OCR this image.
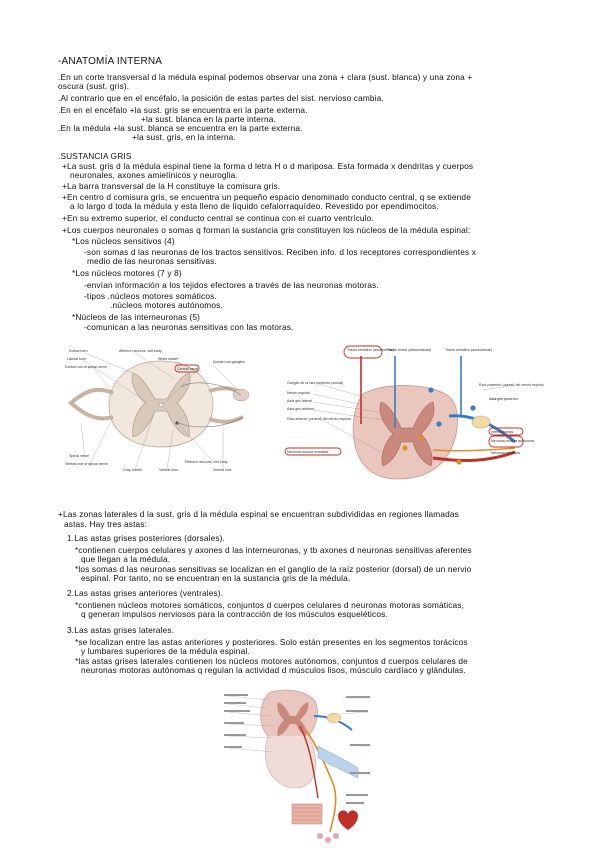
-ANATOMÍA INTERNA
.En un corte transversal d la médula espinal podemos observar una zona + clara (sust. blanca) y una zona +
oscura (sust. gris).
.Al contrario que en el encéfalo, la posición de estas partes del sist. nervioso cambia.
.En en el encéfalo +la sust. gris se encuentra en la parte externa.
+la sust. blanca en la parte interna.
.En la médula +la sust. blanca se encuentra en la parte externa.
+la sust. gris, en la interna.
.SUSTANCIA GRIS
+La sust. gris d la médula espinal tiene la forma d letra H o d mariposa. Esta formada x dendritas y cuerpos
neuronales, axones amielínicos y neuroglia.
+La barra transversal de la H constituye la comisura gris.
+En centro d comisura gris, se encuentra un pequeño espacio denominado conducto central, q se extiende
a lo largo d toda la médula y esta lleno de líquido cefalorraquídeo. Revestido por ependimocitos.
+En su extremo superior, el conducto central se continua con el cuarto ventrículo.
+Los cuerpos neuronales o somas q forman la sustancia gris constituyen los núcleos de la médula espinal:
*Los núcleos sensitivos (4)
-son somas d las neuronas de los tractos sensitivos. Reciben info. d los receptores correspondientes x
medio de las neuronas sensitivas.
*Los núcleos motores (7 y 8)
-envían información a los tejidos efectores a través de las neuronas motoras.
-tipos .núcleos motores somáticos.
.núcleos motores autónomos.
*Núcleos de las interneuronas (5)
-comunican a las neuronas sensitivas con las motoras.
Dorsal horn
Lateral horn
Dorsal root of spinal nerve
Afferent neurons, cell body
White matter
Central canal
Dorsal root ganglion
Spinal nerve
Ventral root of spinal nerve
Gray matter	Ventral horn
Efferent neurons, cell body
Ventral root
Tracto sensitivo (ascendente)
Tracto motor (descendente)	Tracto sensitivo (ascendente)
Ganglio de la raíz posterior (dorsal)
Nervio espinal
Asta gris lateral
Asta gris anterior
Raíz anterior (ventral) del nervio espinal
Neurona motora somática
Raíz posterior (dorsal) del nervio espinal
Asta gris posterior
Interneuronas
Neurona motora autónoma
Neurona sensitiva
+Las zonas laterales d la sust. gris d la médula espinal se encuentran subdivididas en regiones llamadas
astas. Hay tres astas:
1.Las astas grises posteriores (dorsales).
*contienen cuerpos celulares y axones d las interneuronas, y tb axones d neuronas sensitivas aferentes
que llegan a la médula.
*los somas d las neuronas sensitivas se localizan en el ganglio de la raíz posterior (dorsal) de un nervio
espinal. Por tanto, no se encuentran en la sustancia gris de la médula.
2.Las astas grises anteriores (ventrales).
*contienen núcleos motores somáticos, conjuntos d cuerpos celulares d neuronas motoras somáticas,
q generan impulsos nerviosos para la contracción de los músculos esqueléticos.
3.Las astas grises laterales.
*se localizan entre las astas anteriores y posteriores. Solo están presentes en los segmentos torácicos
y lumbares superiores de la médula espinal.
*las astas grises laterales contienen los núcleos motores autónomos, conjuntos d cuerpos celulares de
neuronas motoras autónomas q regulan la actividad d músculos lisos, músculo cardíaco y glándulas.
